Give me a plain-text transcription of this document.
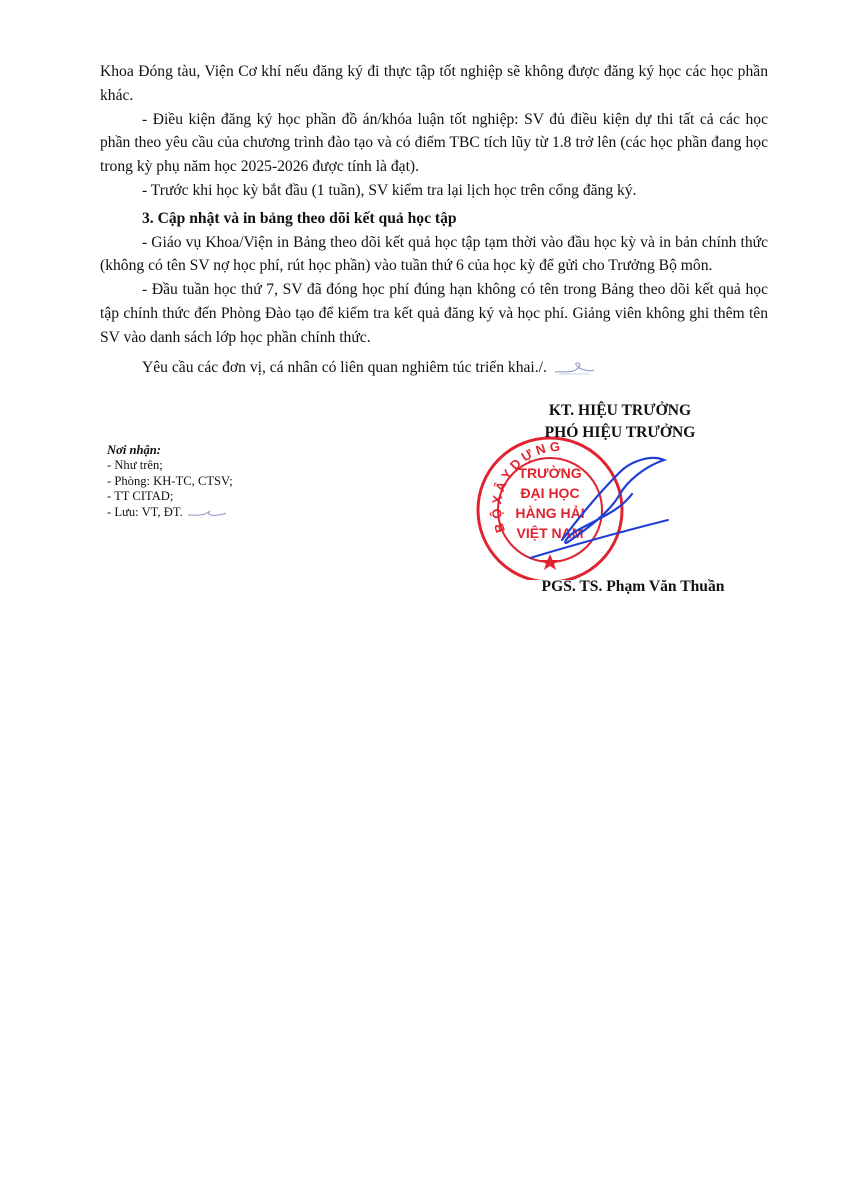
Khoa Đóng tàu, Viện Cơ khí nếu đăng ký đi thực tập tốt nghiệp sẽ không được đăng ký học các học phần khác.

- Điều kiện đăng ký học phần đồ án/khóa luận tốt nghiệp: SV đủ điều kiện dự thi tất cả các học phần theo yêu cầu của chương trình đào tạo và có điểm TBC tích lũy từ 1.8 trở lên (các học phần đang học trong kỳ phụ năm học 2025-2026 được tính là đạt).

- Trước khi học kỳ bắt đầu (1 tuần), SV kiểm tra lại lịch học trên cổng đăng ký.

3. Cập nhật và in bảng theo dõi kết quả học tập

- Giáo vụ Khoa/Viện in Bảng theo dõi kết quả học tập tạm thời vào đầu học kỳ và in bản chính thức (không có tên SV nợ học phí, rút học phần) vào tuần thứ 6 của học kỳ để gửi cho Trưởng Bộ môn.

- Đầu tuần học thứ 7, SV đã đóng học phí đúng hạn không có tên trong Bảng theo dõi kết quả học tập chính thức đến Phòng Đào tạo để kiểm tra kết quả đăng ký và học phí. Giảng viên không ghi thêm tên SV vào danh sách lớp học phần chính thức.

Yêu cầu các đơn vị, cá nhân có liên quan nghiêm túc triển khai./.

B Ộ X Â Y D Ự N G
TRƯỜNG
ĐẠI HỌC
HÀNG HẢI
VIỆT NAM
KT. HIỆU TRƯỞNG
PHÓ HIỆU TRƯỞNG
PGS. TS. Phạm Văn Thuần
Nơi nhận:
- Như trên;
- Phòng: KH-TC, CTSV;
- TT CITAD;
- Lưu: VT, ĐT.
